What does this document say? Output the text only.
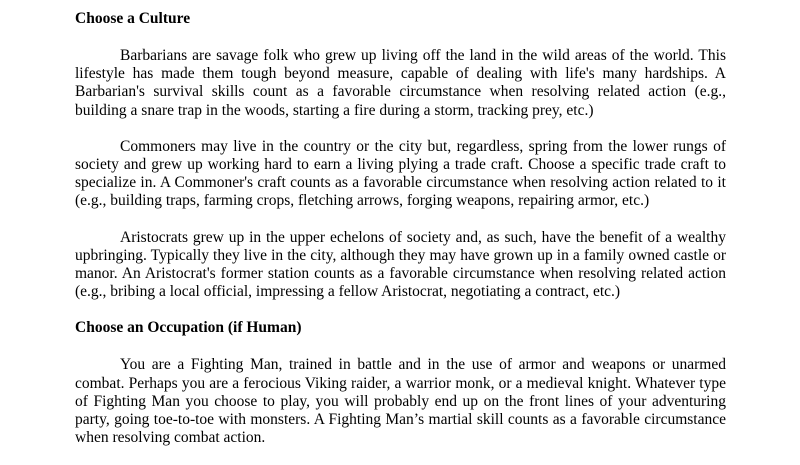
Choose a Culture

Barbarians are savage folk who grew up living off the land in the wild areas of the world. This lifestyle has made them tough beyond measure, capable of dealing with life's many hardships. A Barbarian's survival skills count as a favorable circumstance when resolving related action (e.g., building a snare trap in the woods, starting a fire during a storm, tracking prey, etc.)

Commoners may live in the country or the city but, regardless, spring from the lower rungs of society and grew up working hard to earn a living plying a trade craft. Choose a specific trade craft to specialize in. A Commoner's craft counts as a favorable circumstance when resolving action related to it (e.g., building traps, farming crops, fletching arrows, forging weapons, repairing armor, etc.)

Aristocrats grew up in the upper echelons of society and, as such, have the benefit of a wealthy upbringing. Typically they live in the city, although they may have grown up in a family owned castle or manor. An Aristocrat's former station counts as a favorable circumstance when resolving related action (e.g., bribing a local official, impressing a fellow Aristocrat, negotiating a contract, etc.)

Choose an Occupation (if Human)

You are a Fighting Man, trained in battle and in the use of armor and weapons or unarmed combat. Perhaps you are a ferocious Viking raider, a warrior monk, or a medieval knight. Whatever type of Fighting Man you choose to play, you will probably end up on the front lines of your adventuring party, going toe-to-toe with monsters. A Fighting Man’s martial skill counts as a favorable circumstance when resolving combat action.
